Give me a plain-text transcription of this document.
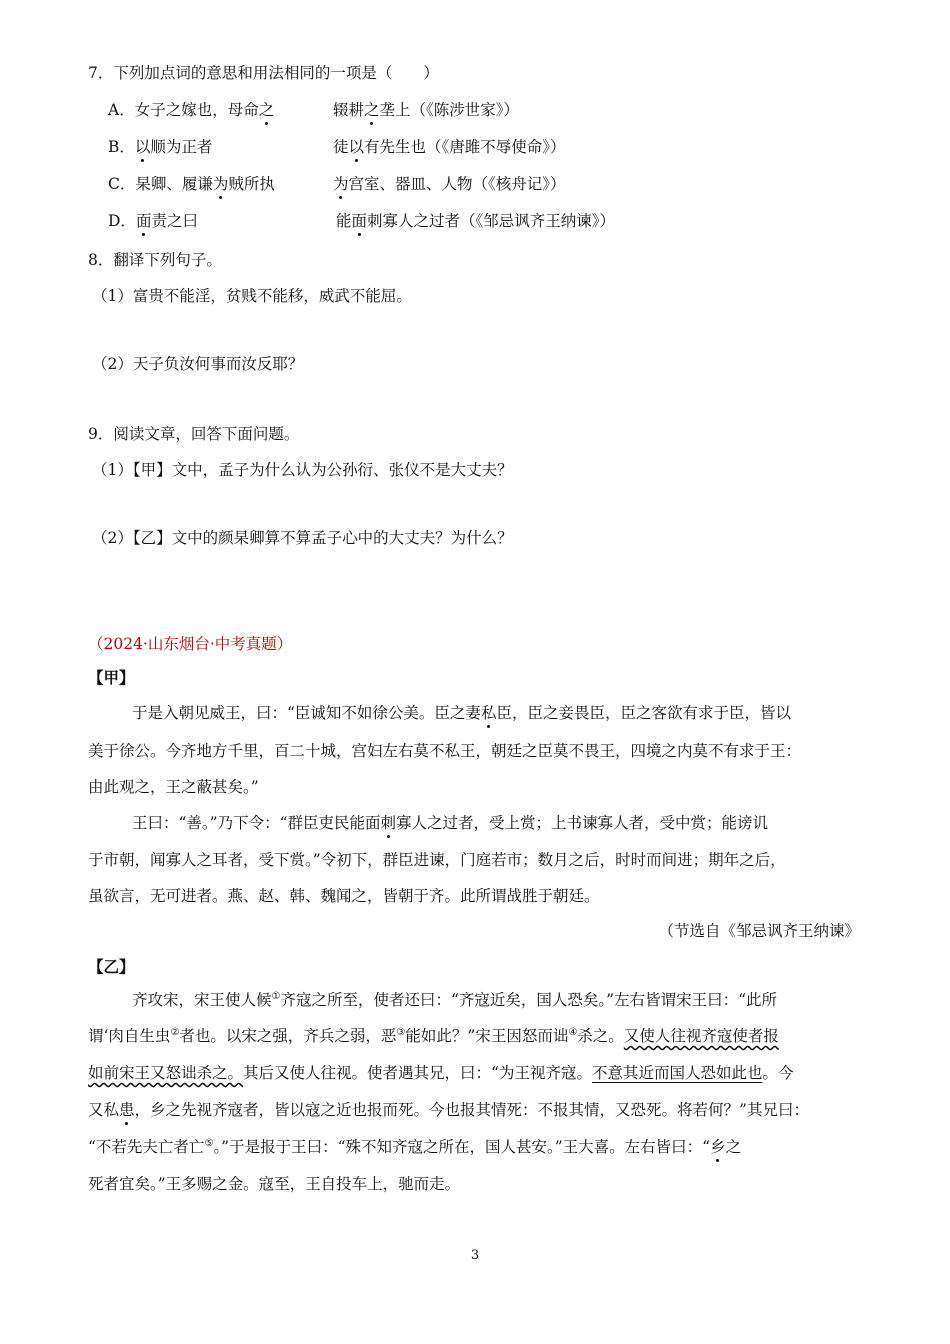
7．下列加点词的意思和用法相同的一项是（　　）
A．女子之嫁也，母命之	辍耕之垄上（《陈涉世家》）
B．以顺为正者	徒以有先生也（《唐雎不辱使命》）
C．杲卿、履谦为贼所执	为宫室、器皿、人物（《核舟记》）
D．面责之曰	能面刺寡人之过者（《邹忌讽齐王纳谏》）
8．翻译下列句子。
（1）富贵不能淫，贫贱不能移，威武不能屈。
（2）天子负汝何事而汝反耶？
9．阅读文章，回答下面问题。
（1）【甲】文中，孟子为什么认为公孙衍、张仪不是大丈夫？
（2）【乙】文中的颜杲卿算不算孟子心中的大丈夫？为什么？
（2024·山东烟台·中考真题）
【甲】
于是入朝见威王，曰：“臣诚知不如徐公美。臣之妻私臣，臣之妾畏臣，臣之客欲有求于臣，皆以
美于徐公。今齐地方千里，百二十城，宫妇左右莫不私王，朝廷之臣莫不畏王，四境之内莫不有求于王：
由此观之，王之蔽甚矣。”
王曰：“善。”乃下令：“群臣吏民能面刺寡人之过者，受上赏；上书谏寡人者，受中赏；能谤讥
于市朝，闻寡人之耳者，受下赏。”令初下，群臣进谏，门庭若市；数月之后，时时而间进；期年之后，
虽欲言，无可进者。燕、赵、韩、魏闻之，皆朝于齐。此所谓战胜于朝廷。
（节选自《邹忌讽齐王纳谏》
【乙】
齐攻宋，宋王使人候①齐寇之所至，使者还曰：“齐寇近矣，国人恐矣。”左右皆谓宋王曰：“此所
谓‘肉自生虫②者也。以宋之强，齐兵之弱，恶③能如此？”宋王因怒而诎④杀之。又使人往视齐寇使者报
如前宋王又怒诎杀之。其后又使人往视。使者遇其兄，曰：“为王视齐寇。不意其近而国人恐如此也。今
又私患，乡之先视齐寇者，皆以寇之近也报而死。今也报其情死：不报其情，又恐死。将若何？”其兄曰：
“不若先夫亡者亡⑤。”于是报于王曰：“殊不知齐寇之所在，国人甚安。”王大喜。左右皆曰：“乡之
死者宜矣。”王多赐之金。寇至，王自投车上，驰而走。
3
